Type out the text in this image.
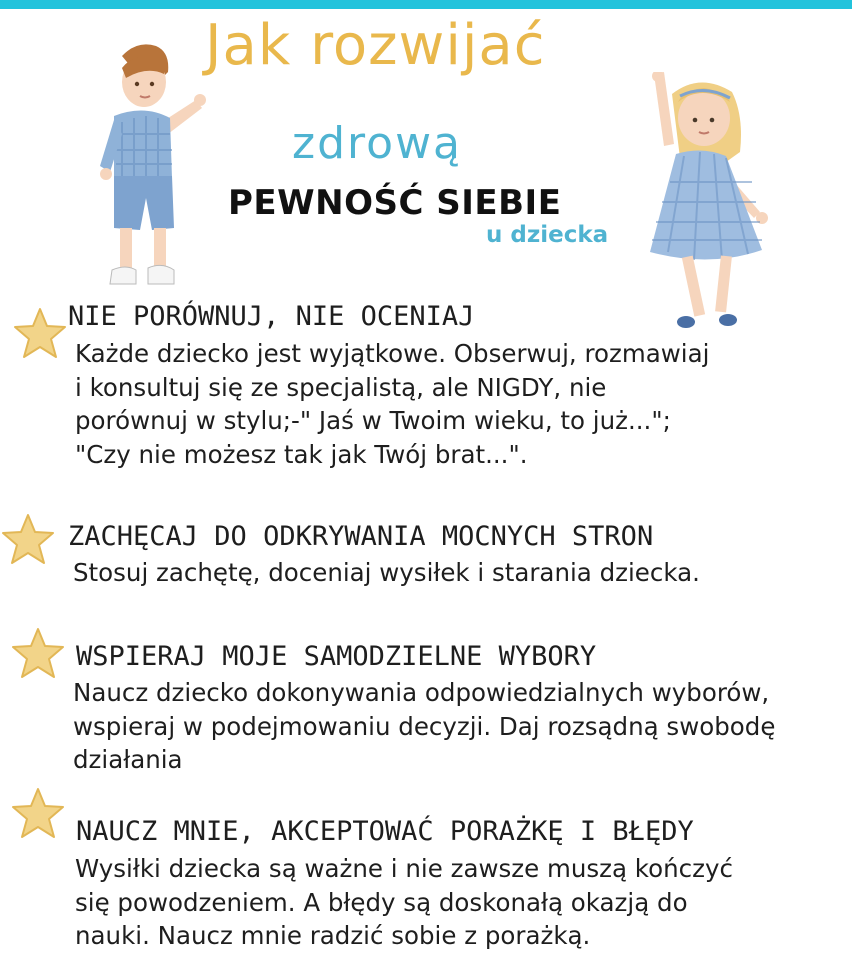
Jak rozwijać
zdrową
PEWNOŚĆ SIEBIE
u dziecka
NIE PORÓWNUJ, NIE OCENIAJ
Każde dziecko jest wyjątkowe. Obserwuj, rozmawiaj
i konsultuj się ze specjalistą, ale NIGDY, nie
porównuj w stylu;-" Jaś w Twoim wieku, to już...";
"Czy nie możesz tak jak Twój brat...".
ZACHĘCAJ DO ODKRYWANIA MOCNYCH STRON
Stosuj zachętę, doceniaj wysiłek i starania dziecka.
WSPIERAJ MOJE SAMODZIELNE WYBORY
Naucz dziecko dokonywania odpowiedzialnych wyborów,
wspieraj w podejmowaniu decyzji. Daj rozsądną swobodę
działania
NAUCZ MNIE, AKCEPTOWAĆ PORAŻKĘ I BŁĘDY
Wysiłki dziecka są ważne i nie zawsze muszą kończyć
się powodzeniem. A błędy są doskonałą okazją do
nauki. Naucz mnie radzić sobie z porażką.
